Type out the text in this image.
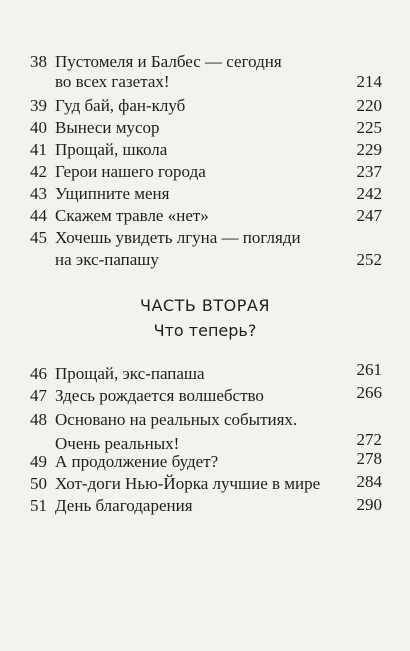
38 Пустомеля и Балбес — сегодня
во всех газетах!	214
39 Гуд бай, фан-клуб	220
40 Вынеси мусор	225
41 Прощай, школа	229
42 Герои нашего города	237
43 Ущипните меня	242
44 Скажем травле «нет»	247
45 Хочешь увидеть лгуна — погляди
на экс-папашу	252
ЧАСТЬ ВТОРАЯ
Что теперь?
46 Прощай, экс-папаша	261
47 Здесь рождается волшебство	266
48 Основано на реальных событиях.
Очень реальных!	272
49 А продолжение будет?	278
50 Хот-доги Нью-Йорка лучшие в мире	284
51 День благодарения	290
